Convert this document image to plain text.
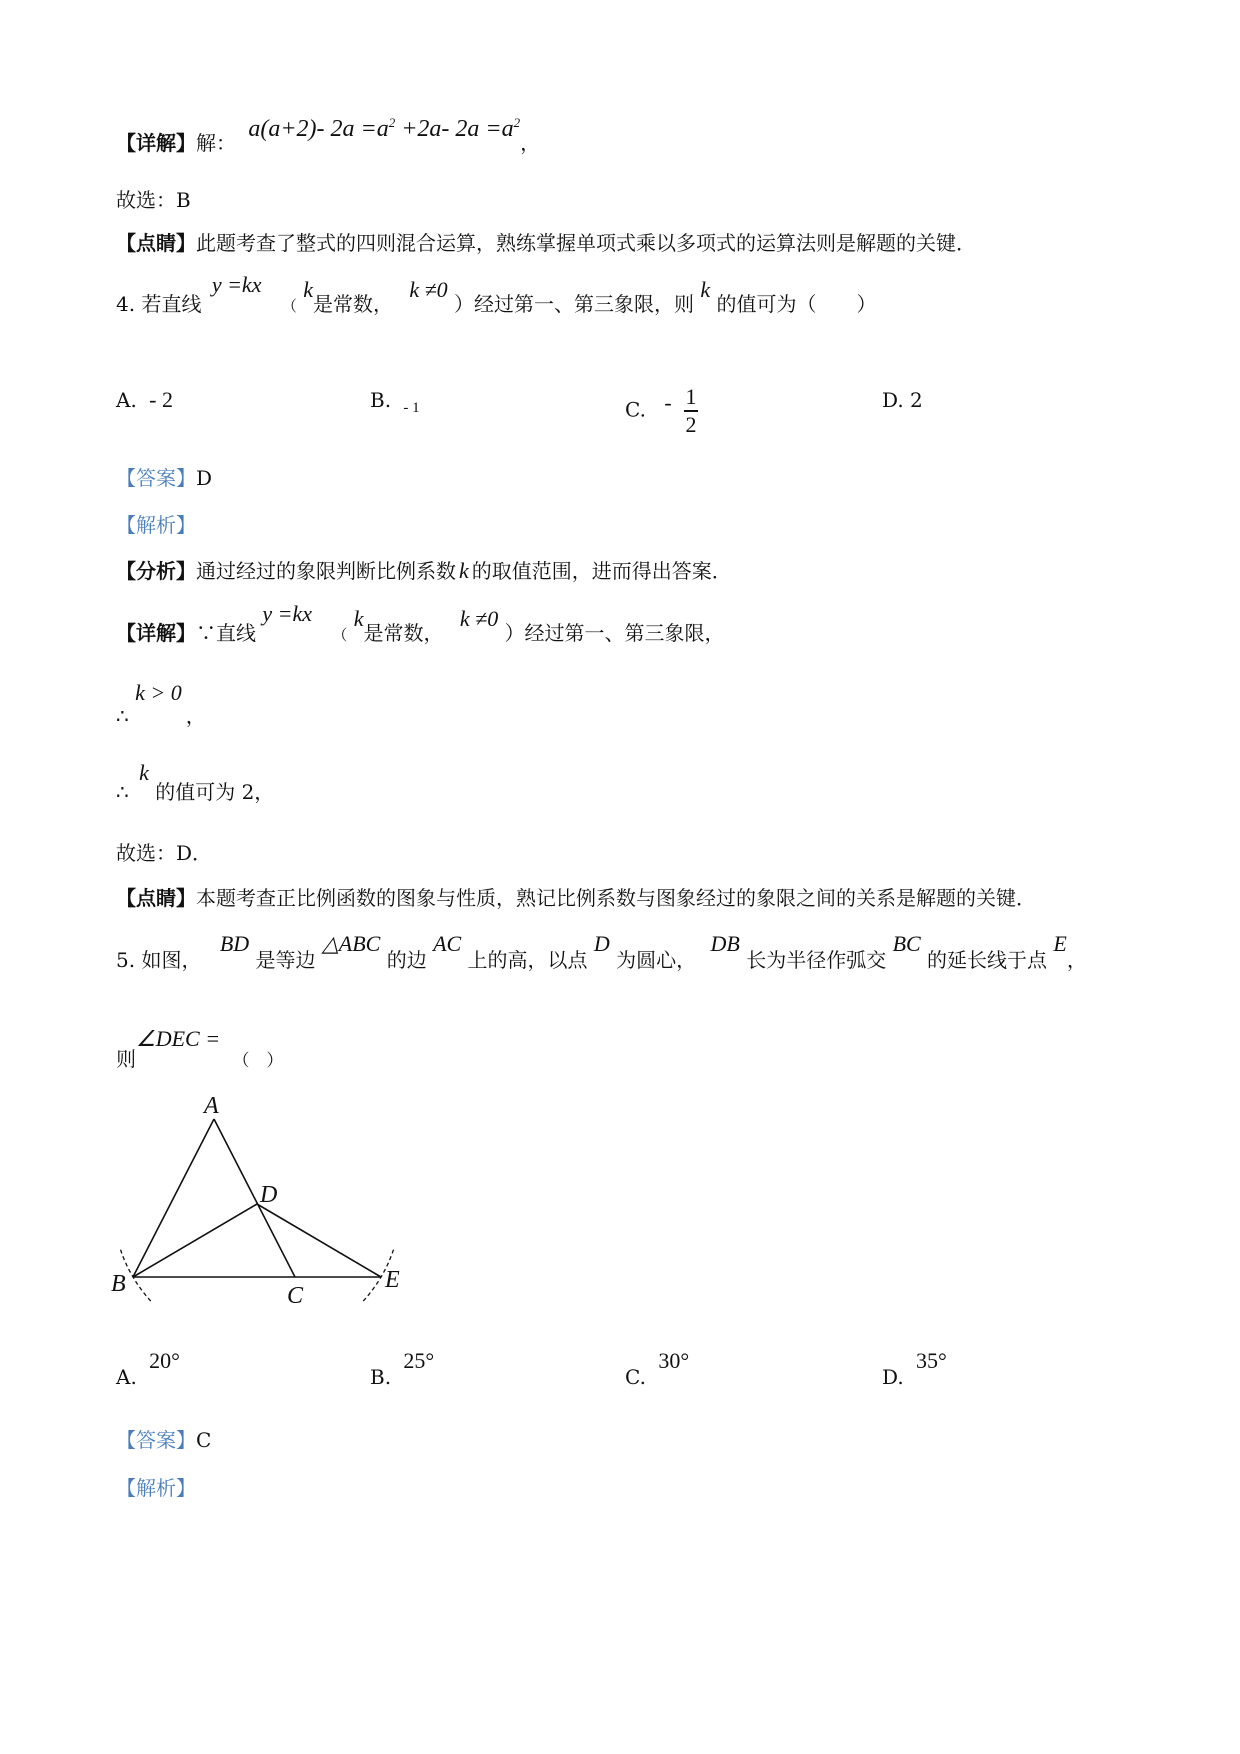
【详解】解： a(a+2)- $2a =a^2 +2a-$ $2a =a^2$，
故选：B
【点睛】此题考查了整式的四则混合运算，熟练掌握单项式乘以多项式的运算法则是解题的关键．
4. 若直线 y =kx （ k是常数， k ≠0 ）经过第一、第三象限，则 k 的值可为（　　）
A. - 2	B. $_{- 1}$	C. - $\frac{1}{2}$	D. 2
【答案】D
【解析】
【分析】通过经过的象限判断比例系数 k 的取值范围，进而得出答案．
【详解】∵直线 y =kx （ k是常数， k ≠0 ）经过第一、第三象限，
∴ k > 0，
∴ k 的值可为 2，
故选：D．
【点睛】本题考查正比例函数的图象与性质，熟记比例系数与图象经过的象限之间的关系是解题的关键．
5. 如图， BD 是等边 △ABC 的边 AC 上的高，以点 D 为圆心， DB 长为半径作弧交 BC 的延长线于点 E，
则∠DEC = （　）
A
B	C
D
E
A. 20°
B. 25°
C. 30°
D. 35°
【答案】C
【解析】
